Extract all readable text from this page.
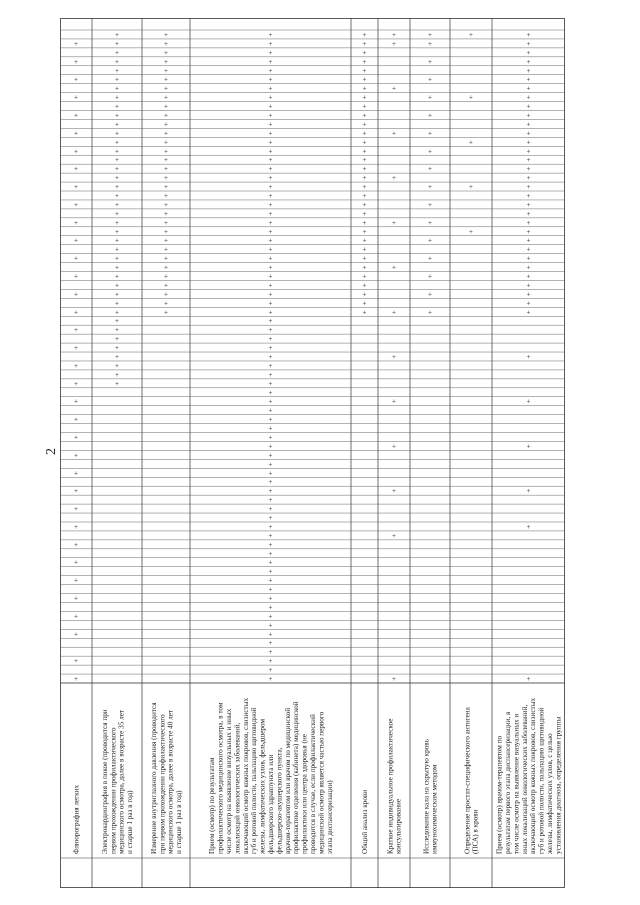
2
Флюорография легких
+
+
+
+
+
+
+
+
+
+
+
+
+
+
+
+
+
+
+
+
+
+
+
+
+
+
+
+
+
+
+
+
+
+
+
+
Электрокардиография в покое (проводится припервом прохождении профилактическогомедицинского осмотра, далее в возрасте 35 лети старше 1 раз в год)
+
+
+
+
+
+
+
+
+
+
+
+
+
+
+
+
+
+
+
+
+
+
+
+
+
+
+
+
+
+
+
+
+
+
+
+
+
+
+
+
Измерение внутриглазного давления (проводитсяпри первом прохождении профилактическогомедицинского осмотра, далее в возрасте 40 лети старше 1 раз в год)
+
+
+
+
+
+
+
+
+
+
+
+
+
+
+
+
+
+
+
+
+
+
+
+
+
+
+
+
+
+
+
+
Прием (осмотр) по результатампрофилактического медицинского осмотра, в томчисле осмотр на выявление визуальных и иныхлокализаций онкологических заболеваний,включающий осмотр кожных покровов, слизистыхгуб и ротовой полости, пальпацию щитовиднойжелезы, лимфатических узлов, фельдшеромфельдшерского здравпункта илифельдшерско-акушерского пункта,врачом-терапевтом или врачом по медицинскойпрофилактике отделения (кабинета) медицинскойпрофилактики или центра здоровья (непроводится в случае, если профилактическиймедицинский осмотр является частью первогоэтапа диспансеризации)
+
+
+
+
+
+
+
+
+
+
+
+
+
+
+
+
+
+
+
+
+
+
+
+
+
+
+
+
+
+
+
+
+
+
+
+
+
+
+
+
+
+
+
+
+
+
+
+
+
+
+
+
+
+
+
+
+
+
+
+
+
+
+
+
+
+
+
+
+
+
+
+
+
Общий анализ крови
+
+
+
+
+
+
+
+
+
+
+
+
+
+
+
+
+
+
+
+
+
+
+
+
+
+
+
+
+
+
+
+
Краткое индивидуальное профилактическоеконсультирование
+
+
+
+
+
+
+
+
+
+
+
+
+
+
Исследование кала на скрытую кровьиммунохимическим методом
+
+
+
+
+
+
+
+
+
+
+
+
+
+
+
+
+
Определение простат-специфического антигена(ПСА) в крови
+
+
+
+
+
Прием (осмотр) врачом-терапевтом порезультатам первого этапа диспансеризации, втом числе осмотр на выявление визуальных ииных локализаций онкологических заболеваний,включающий осмотр кожных покровов, слизистыхгуб и ротовой полости, пальпацию щитовиднойжелезы, лимфатических узлов, с цельюустановления диагноза, определения группы
+
+
+
+
+
+
+
+
+
+
+
+
+
+
+
+
+
+
+
+
+
+
+
+
+
+
+
+
+
+
+
+
+
+
+
+
+
+
